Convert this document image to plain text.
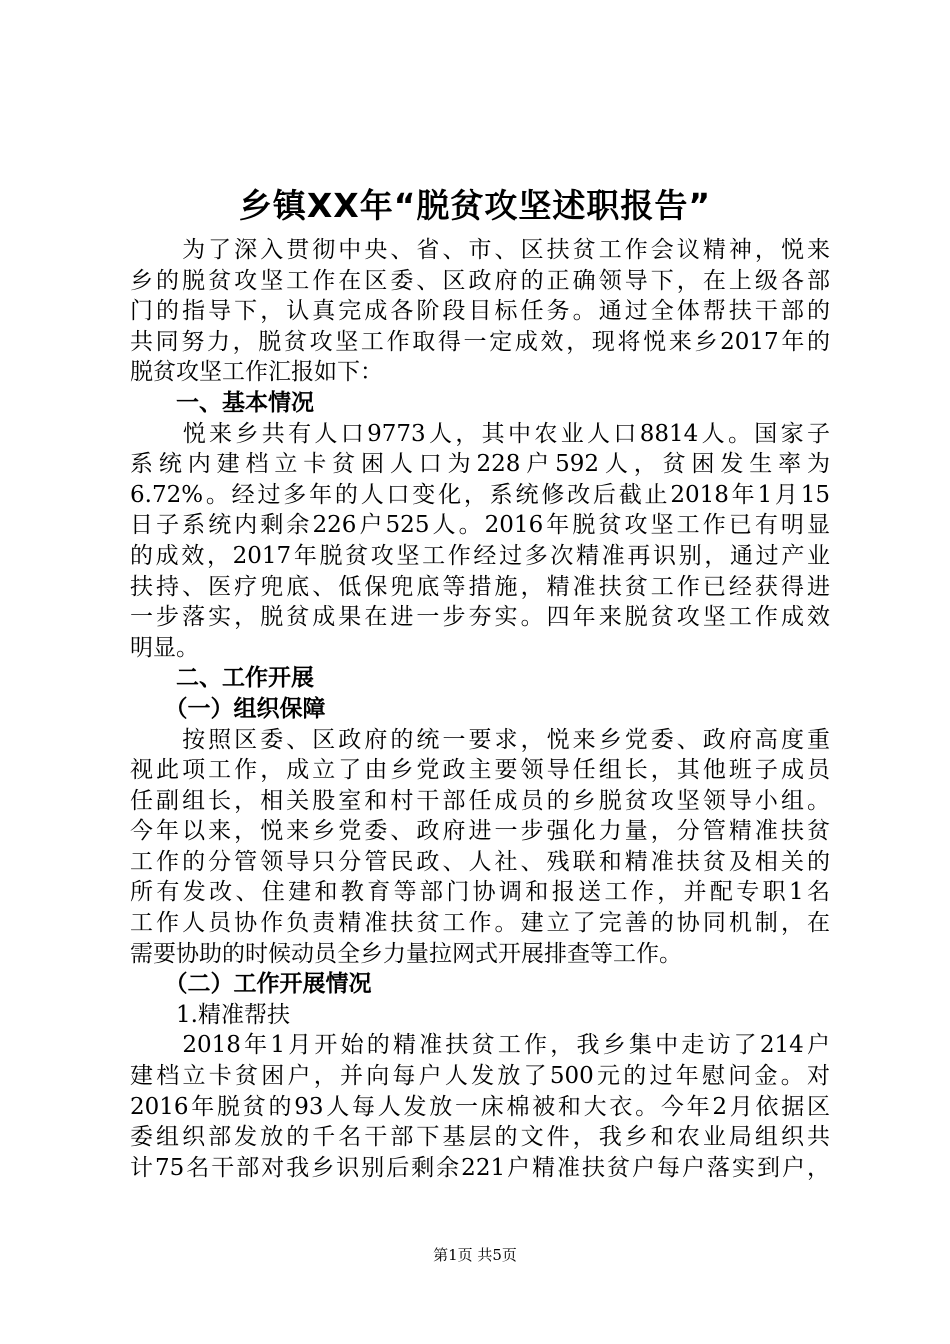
乡镇XX年“脱贫攻坚述职报告”
　　为了深入贯彻中央、省、市、区扶贫工作会议精神，悦来
乡的脱贫攻坚工作在区委、区政府的正确领导下，在上级各部
门的指导下，认真完成各阶段目标任务。通过全体帮扶干部的
共同努力，脱贫攻坚工作取得一定成效，现将悦来乡2017年的
脱贫攻坚工作汇报如下：
　　一、基本情况
　　悦来乡共有人口9773人，其中农业人口8814人。国家子
系统内建档立卡贫困人口为228户592人，贫困发生率为
6.72%。经过多年的人口变化，系统修改后截止2018年1月15
日子系统内剩余226户525人。2016年脱贫攻坚工作已有明显
的成效，2017年脱贫攻坚工作经过多次精准再识别，通过产业
扶持、医疗兜底、低保兜底等措施，精准扶贫工作已经获得进
一步落实，脱贫成果在进一步夯实。四年来脱贫攻坚工作成效
明显。
　　二、工作开展
　　（一）组织保障
　　按照区委、区政府的统一要求，悦来乡党委、政府高度重
视此项工作，成立了由乡党政主要领导任组长，其他班子成员
任副组长，相关股室和村干部任成员的乡脱贫攻坚领导小组。
今年以来，悦来乡党委、政府进一步强化力量，分管精准扶贫
工作的分管领导只分管民政、人社、残联和精准扶贫及相关的
所有发改、住建和教育等部门协调和报送工作，并配专职1名
工作人员协作负责精准扶贫工作。建立了完善的协同机制，在
需要协助的时候动员全乡力量拉网式开展排查等工作。
　　（二）工作开展情况
　　1.精准帮扶
　　2018年1月开始的精准扶贫工作，我乡集中走访了214户
建档立卡贫困户，并向每户人发放了500元的过年慰问金。对
2016年脱贫的93人每人发放一床棉被和大衣。今年2月依据区
委组织部发放的千名干部下基层的文件，我乡和农业局组织共
计75名干部对我乡识别后剩余221户精准扶贫户每户落实到户，
第1页 共5页
